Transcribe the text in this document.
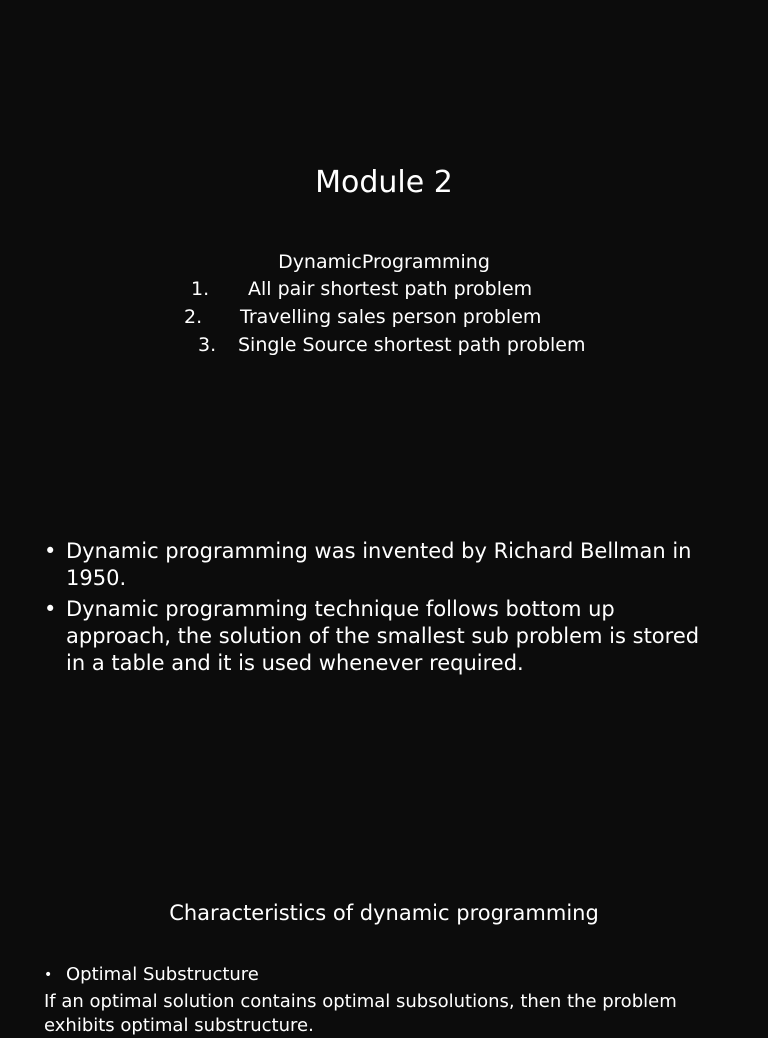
Module 2
DynamicProgramming
1. All pair shortest path problem
2. Travelling sales person problem
3. Single Source shortest path problem
• Dynamic programming was invented by Richard Bellman in 1950.
• Dynamic programming technique follows bottom up approach, the solution of the smallest sub problem is stored in a table and it is used whenever required.
Characteristics of dynamic programming
• Optimal Substructure
If an optimal solution contains optimal subsolutions, then the problem exhibits optimal substructure.
